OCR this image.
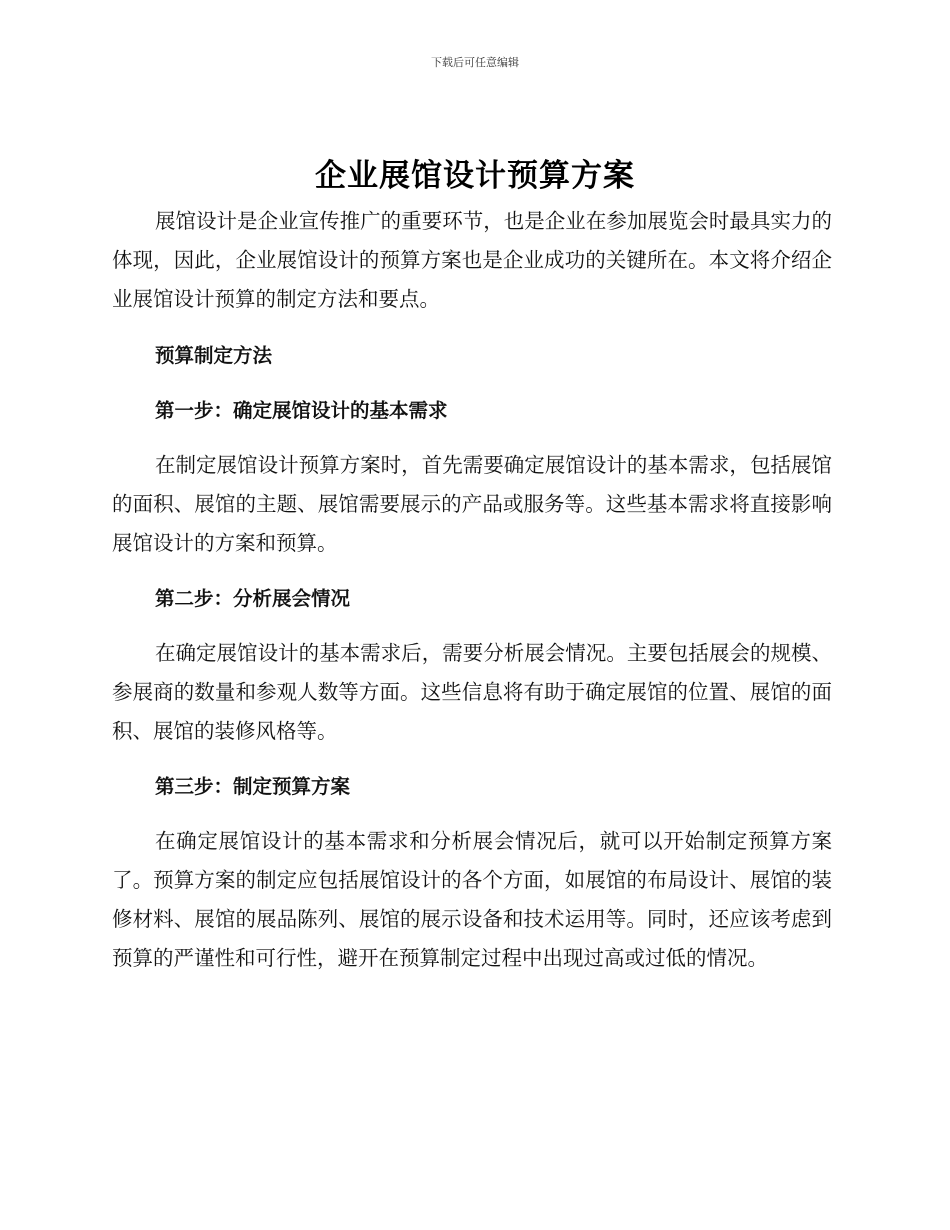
下载后可任意编辑
企业展馆设计预算方案

展馆设计是企业宣传推广的重要环节，也是企业在参加展览会时最具实力的体现，因此，企业展馆设计的预算方案也是企业成功的关键所在。本文将介绍企业展馆设计预算的制定方法和要点。

预算制定方法

第一步：确定展馆设计的基本需求

在制定展馆设计预算方案时，首先需要确定展馆设计的基本需求，包括展馆的面积、展馆的主题、展馆需要展示的产品或服务等。这些基本需求将直接影响展馆设计的方案和预算。

第二步：分析展会情况

在确定展馆设计的基本需求后，需要分析展会情况。主要包括展会的规模、参展商的数量和参观人数等方面。这些信息将有助于确定展馆的位置、展馆的面积、展馆的装修风格等。

第三步：制定预算方案

在确定展馆设计的基本需求和分析展会情况后，就可以开始制定预算方案了。预算方案的制定应包括展馆设计的各个方面，如展馆的布局设计、展馆的装修材料、展馆的展品陈列、展馆的展示设备和技术运用等。同时，还应该考虑到预算的严谨性和可行性，避开在预算制定过程中出现过高或过低的情况。
